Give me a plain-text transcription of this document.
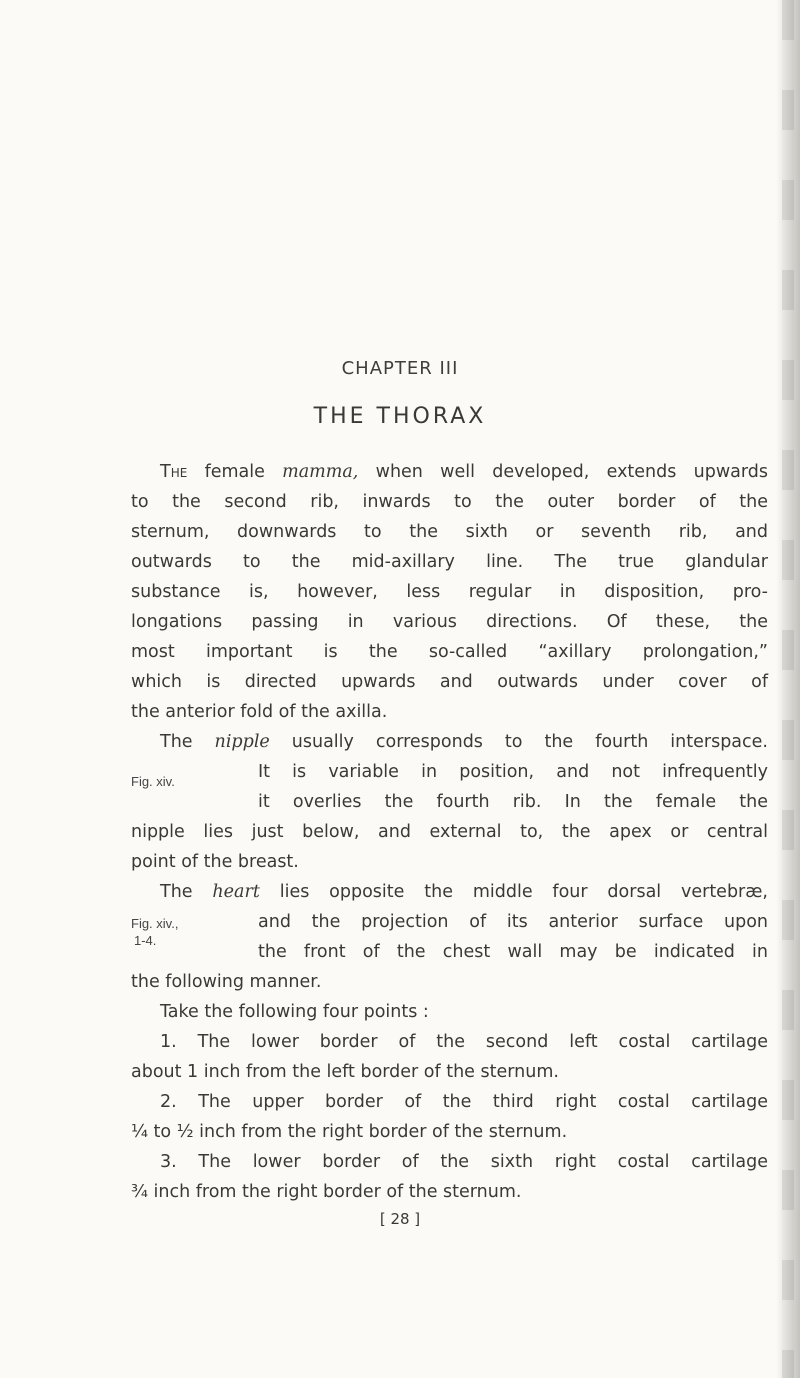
CHAPTER III
THE THORAX
The female mamma, when well developed, extends upwards
to the second rib, inwards to the outer border of the
sternum, downwards to the sixth or seventh rib, and
outwards to the mid-axillary line. The true glandular
substance is, however, less regular in disposition, pro-
longations passing in various directions. Of these, the
most important is the so-called “axillary prolongation,”
which is directed upwards and outwards under cover of
the anterior fold of the axilla.
The nipple usually corresponds to the fourth interspace.
Fig. xiv.	It is variable in position, and not infrequently
it overlies the fourth rib. In the female the
nipple lies just below, and external to, the apex or central
point of the breast.
The heart lies opposite the middle four dorsal vertebræ,
Fig. xiv.,
1-4.
and the projection of its anterior surface upon
the front of the chest wall may be indicated in
the following manner.
Take the following four points :
1. The lower border of the second left costal cartilage
about 1 inch from the left border of the sternum.
2. The upper border of the third right costal cartilage
¼ to ½ inch from the right border of the sternum.
3. The lower border of the sixth right costal cartilage
¾ inch from the right border of the sternum.
[ 28 ]
